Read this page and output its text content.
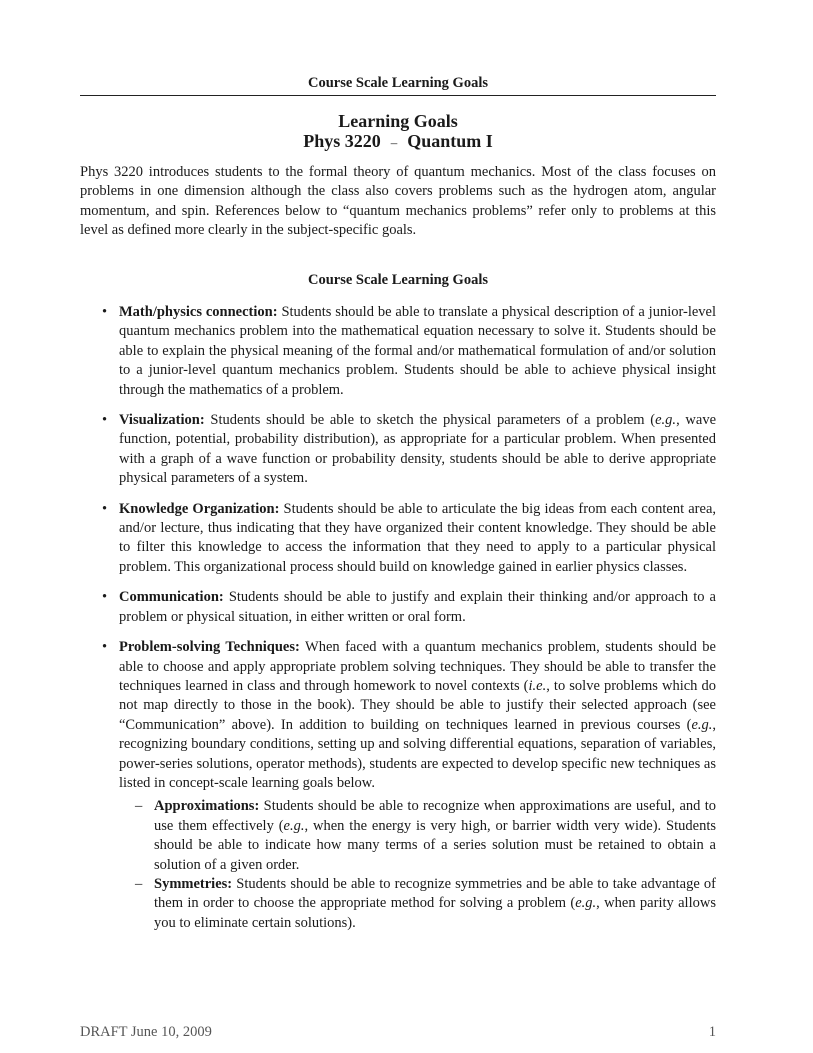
Course Scale Learning Goals
Learning Goals
Phys 3220 – Quantum I

Phys 3220 introduces students to the formal theory of quantum mechanics. Most of the class focuses on problems in one dimension although the class also covers problems such as the hydrogen atom, angular momentum, and spin. References below to “quantum mechanics problems” refer only to problems at this level as defined more clearly in the subject-specific goals.

Course Scale Learning Goals
• Math/physics connection: Students should be able to translate a physical description of a junior-level quantum mechanics problem into the mathematical equation necessary to solve it. Students should be able to explain the physical meaning of the formal and/or mathematical formulation of and/or solution to a junior-level quantum mechanics problem. Students should be able to achieve physical insight through the mathematics of a problem.
• Visualization: Students should be able to sketch the physical parameters of a problem (e.g., wave function, potential, probability distribution), as appropriate for a particular problem. When presented with a graph of a wave function or probability density, students should be able to derive appropriate physical parameters of a system.
• Knowledge Organization: Students should be able to articulate the big ideas from each content area, and/or lecture, thus indicating that they have organized their content knowledge. They should be able to filter this knowledge to access the information that they need to apply to a particular physical problem. This organizational process should build on knowledge gained in earlier physics classes.
• Communication: Students should be able to justify and explain their thinking and/or approach to a problem or physical situation, in either written or oral form.
• Problem-solving Techniques: When faced with a quantum mechanics problem, students should be able to choose and apply appropriate problem solving techniques. They should be able to transfer the techniques learned in class and through homework to novel contexts (i.e., to solve problems which do not map directly to those in the book). They should be able to justify their selected approach (see “Communication” above). In addition to building on techniques learned in previous courses (e.g., recognizing boundary conditions, setting up and solving differential equations, separation of variables, power-series solutions, operator methods), students are expected to develop specific new techniques as listed in concept-scale learning goals below.
– Approximations: Students should be able to recognize when approximations are useful, and to use them effectively (e.g., when the energy is very high, or barrier width very wide). Students should be able to indicate how many terms of a series solution must be retained to obtain a solution of a given order.
– Symmetries: Students should be able to recognize symmetries and be able to take advantage of them in order to choose the appropriate method for solving a problem (e.g., when parity allows you to eliminate certain solutions).
DRAFT June 10, 2009	1
